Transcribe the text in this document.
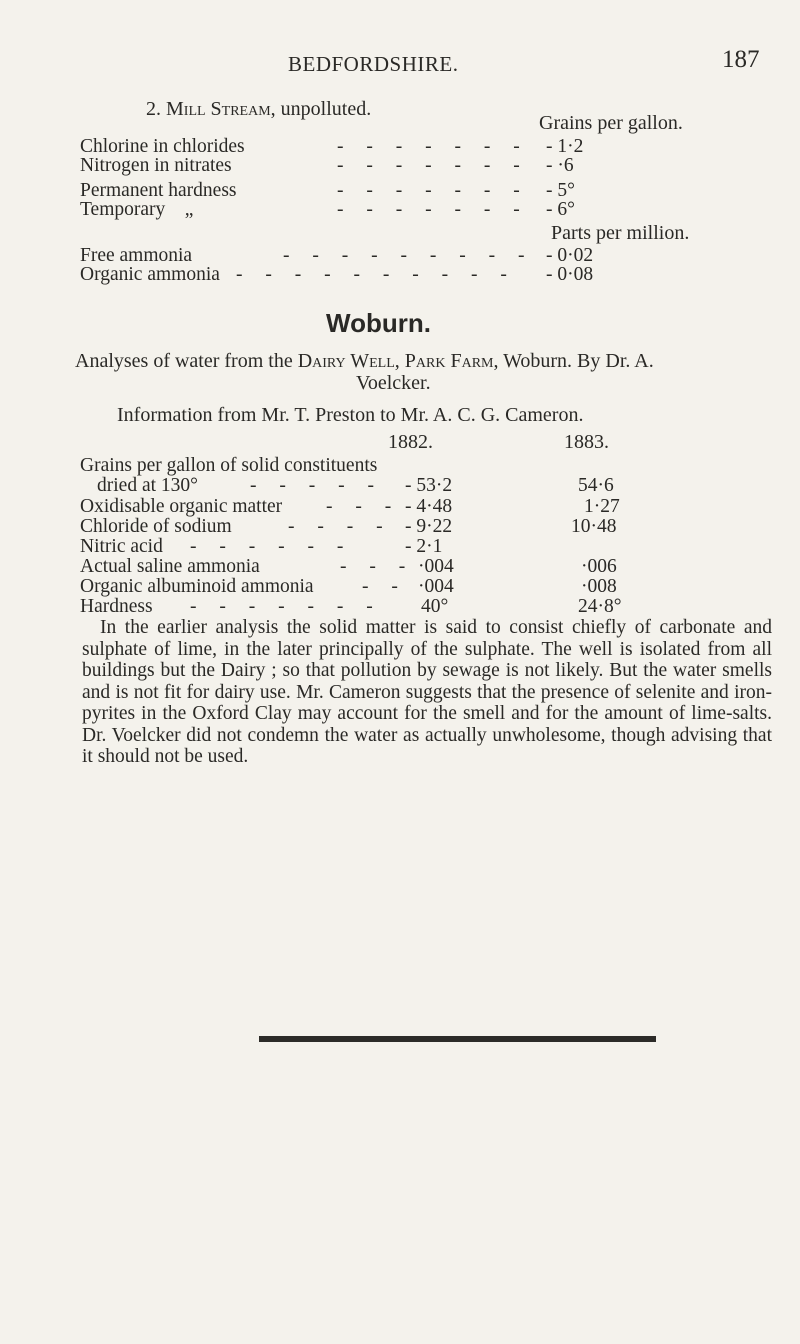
BEDFORDSHIRE.	187
2. Mill Stream, unpolluted.
Grains per gallon.
Chlorine in chlorides	- - - - - - - - 1·2
Nitrogen in nitrates	- - - - - - - - ·6
Permanent hardness	- - - - - - - - 5°
Temporary    „	- - - - - - - - 6°
Parts per million.
Free ammonia	- - - - - - - - - - 0·02
Organic ammonia - - - - - - - - - - - 0·08
Woburn.
Analyses of water from the Dairy Well, Park Farm, Woburn. By Dr. A.
Voelcker.
Information from Mr. T. Preston to Mr. A. C. G. Cameron.
1882.	1883.
Grains per gallon of solid constituents
dried at 130°	- - - - - - 53·2	54·6
Oxidisable organic matter - - - - 4·48	1·27
Chloride of sodium	- - - - - 9·22	10·48
Nitric acid - - - - - -	- 2·1
Actual saline ammonia	- - - ·004	·006
Organic albuminoid ammonia - - ·004	·008
Hardness - - - - - - - 40°	24·8°
In the earlier analysis the solid matter is said to consist chiefly of carbonate and sulphate of lime, in the later principally of the sulphate. The well is isolated from all buildings but the Dairy ; so that pollution by sewage is not likely. But the water smells and is not fit for dairy use. Mr. Cameron suggests that the presence of selenite and iron-pyrites in the Oxford Clay may account for the smell and for the amount of lime-salts. Dr. Voelcker did not condemn the water as actually unwholesome, though advising that it should not be used.
